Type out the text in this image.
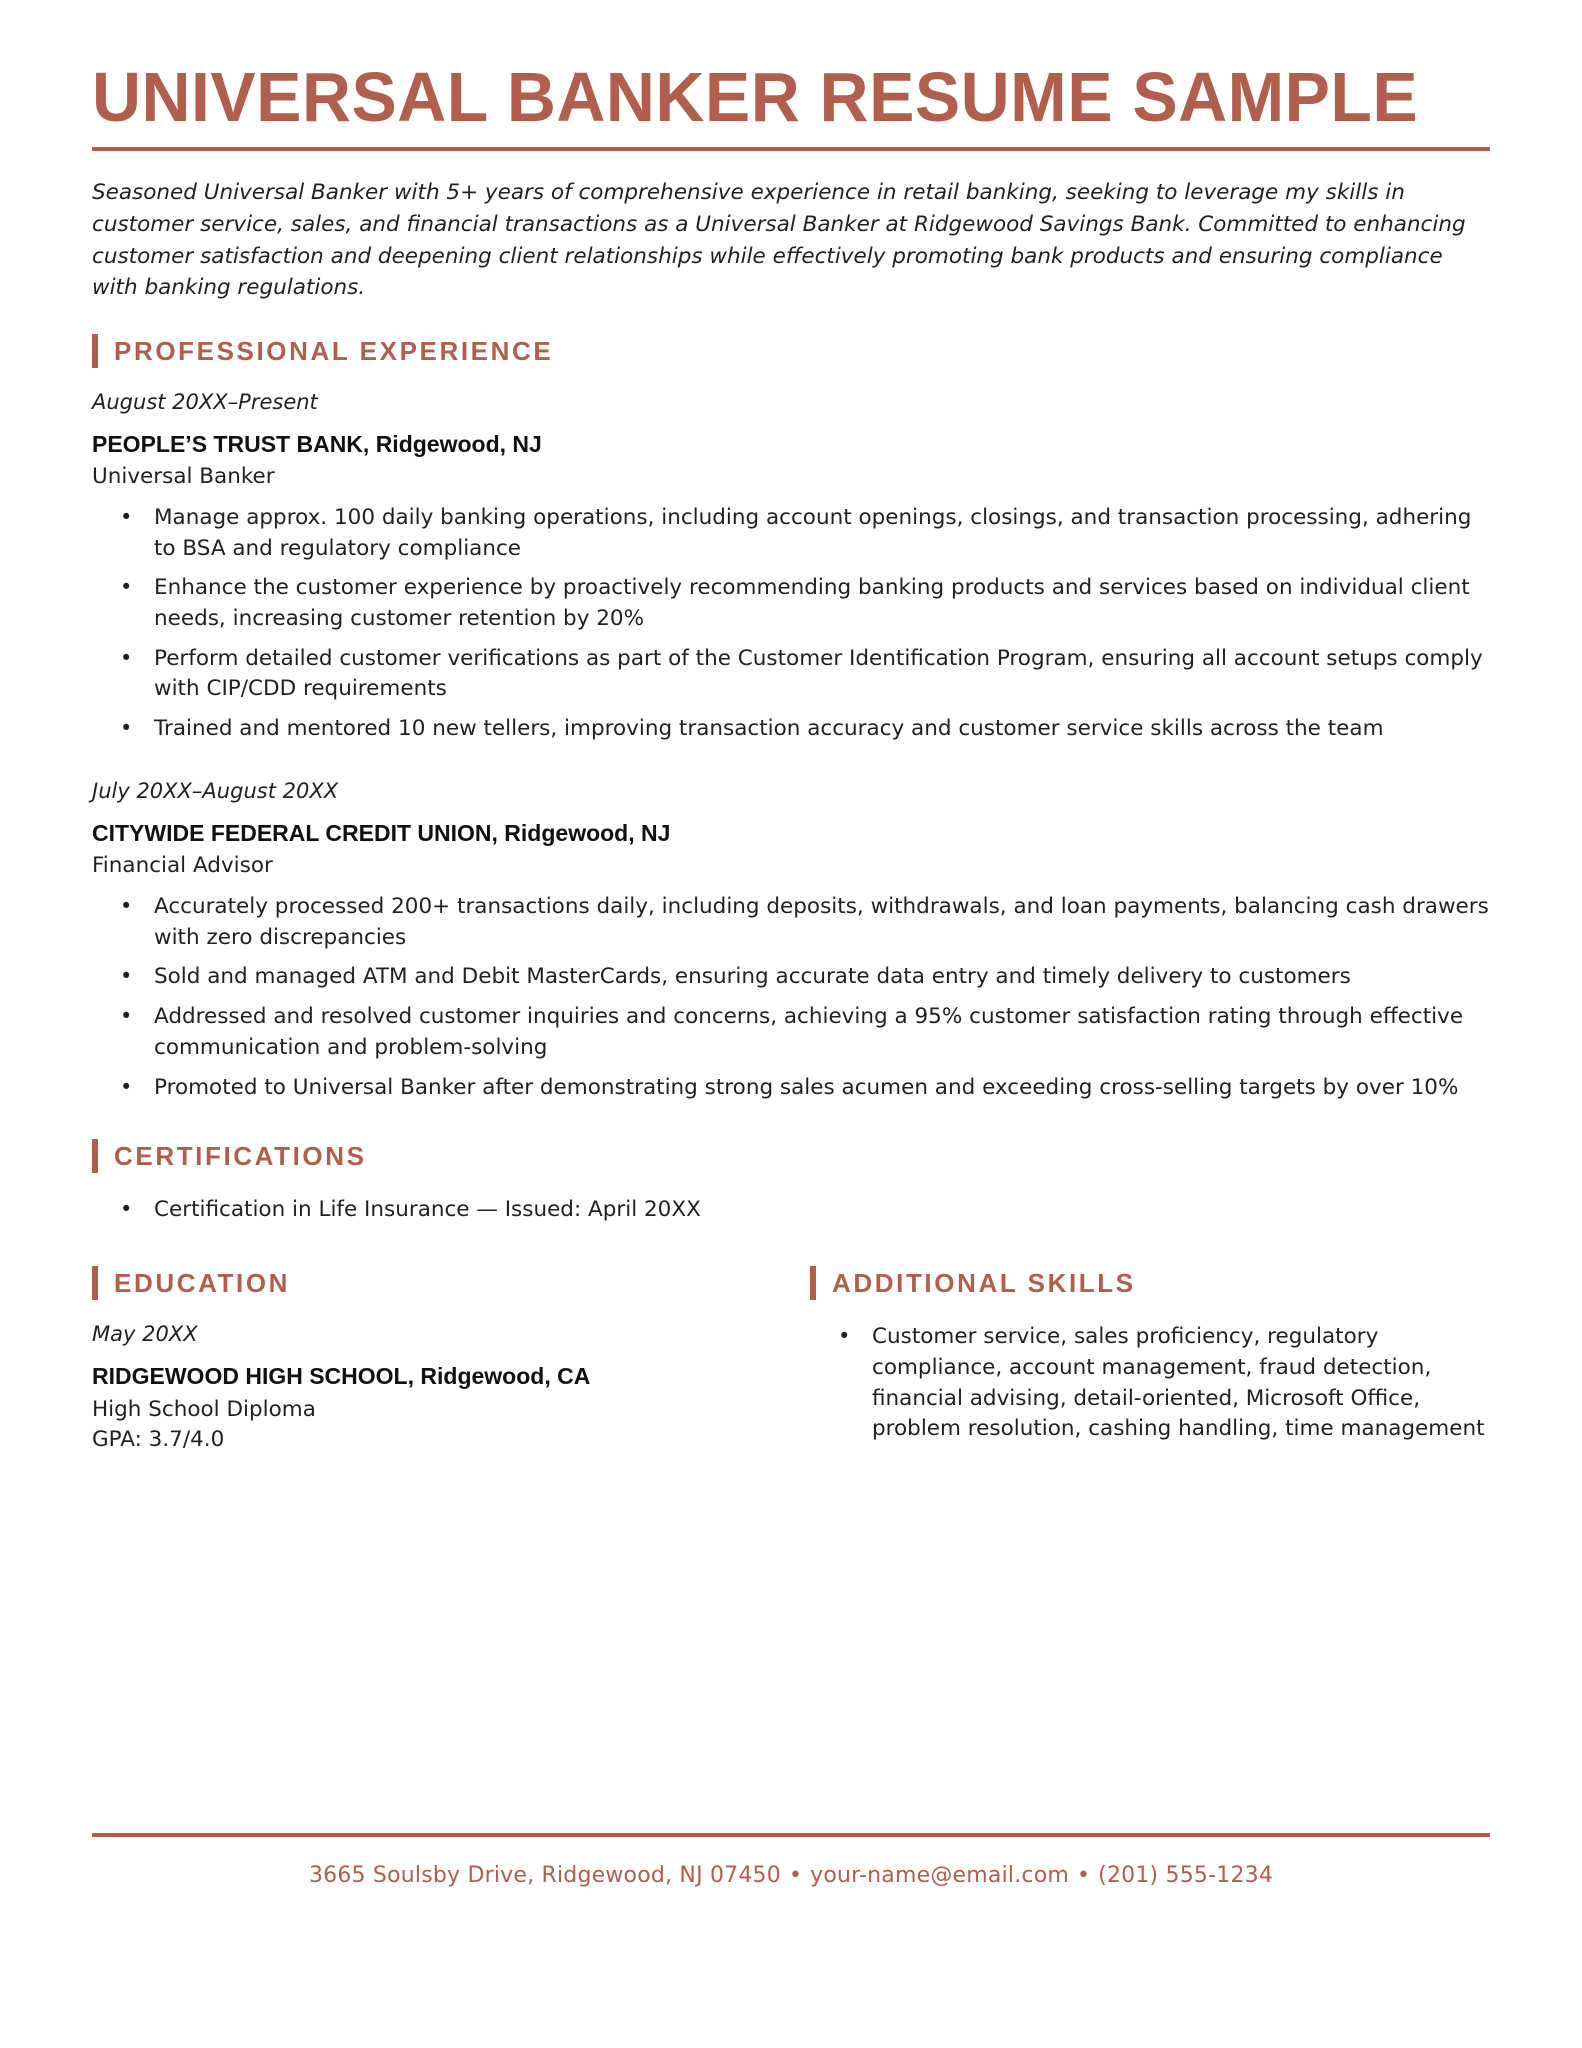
UNIVERSAL BANKER RESUME SAMPLE

Seasoned Universal Banker with 5+ years of comprehensive experience in retail banking, seeking to leverage my skills in customer service, sales, and financial transactions as a Universal Banker at Ridgewood Savings Bank. Committed to enhancing customer satisfaction and deepening client relationships while effectively promoting bank products and ensuring compliance with banking regulations.

PROFESSIONAL EXPERIENCE
August 20XX–Present
PEOPLE’S TRUST BANK, Ridgewood, NJ
Universal Banker
• Manage approx. 100 daily banking operations, including account openings, closings, and transaction processing, adhering to BSA and regulatory compliance
• Enhance the customer experience by proactively recommending banking products and services based on individual client needs, increasing customer retention by 20%
• Perform detailed customer verifications as part of the Customer Identification Program, ensuring all account setups comply with CIP/CDD requirements
• Trained and mentored 10 new tellers, improving transaction accuracy and customer service skills across the team
July 20XX–August 20XX
CITYWIDE FEDERAL CREDIT UNION, Ridgewood, NJ
Financial Advisor
• Accurately processed 200+ transactions daily, including deposits, withdrawals, and loan payments, balancing cash drawers with zero discrepancies
• Sold and managed ATM and Debit MasterCards, ensuring accurate data entry and timely delivery to customers
• Addressed and resolved customer inquiries and concerns, achieving a 95% customer satisfaction rating through effective communication and problem-solving
• Promoted to Universal Banker after demonstrating strong sales acumen and exceeding cross-selling targets by over 10%
CERTIFICATIONS
• Certification in Life Insurance — Issued: April 20XX
EDUCATION
May 20XX
RIDGEWOOD HIGH SCHOOL, Ridgewood, CA
High School Diploma
GPA: 3.7/4.0
ADDITIONAL SKILLS
• Customer service, sales proficiency, regulatory compliance, account management, fraud detection, financial advising, detail-oriented, Microsoft Office, problem resolution, cashing handling, time management
3665 Soulsby Drive, Ridgewood, NJ 07450 • your-name@email.com • (201) 555-1234
